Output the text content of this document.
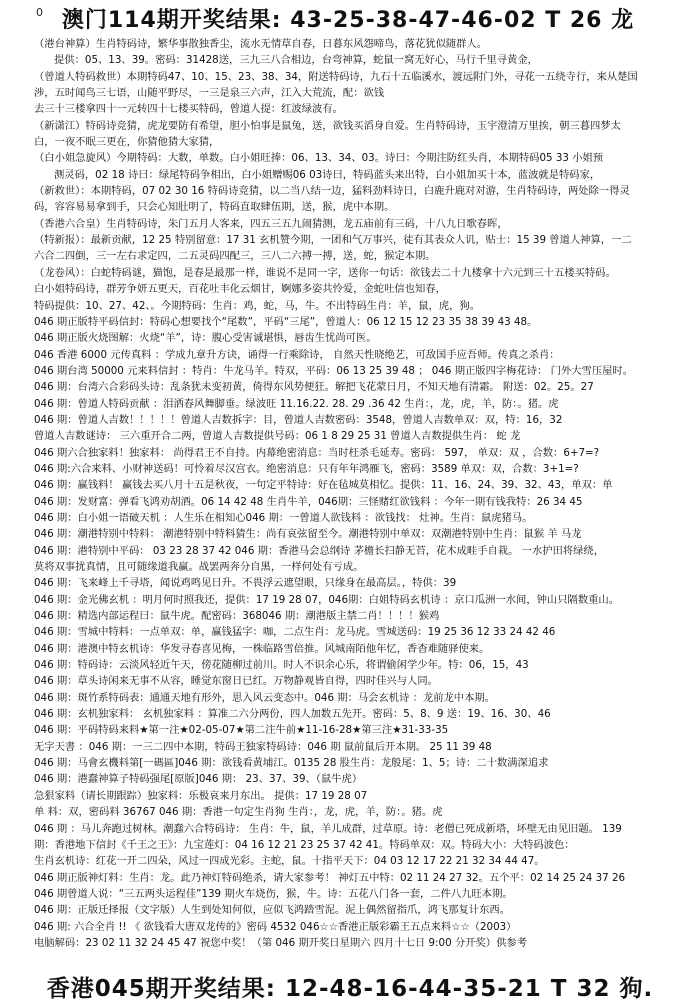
0 澳门114期开奖结果: 43-25-38-47-46-02 T 26 龙
（港台神算）生肖特码诗，繁华事散独香尘，流水无情草自春，日暮东风怨啼鸟，落花犹似随群人。
提供：05、13、39。密码：31428送，三九三八合相边，台弯神算，蛇鼠一窝无好心，马行千里寻黄金，
（曾道人特码救世）本期特码47、10、15、23、38、34，附送特码诗，九石十五临溪水，渡远附门外，寻花一五绕寺行，来从楚国
涉，五时闻鸟三七语，山随平野尽，一三是泉三六声，江入大荒流，配：欲钱
去三十三楼拿四十一元转四十七楼买特码，曾道人提：红波绿波有。
（新潇江）特码诗竞猜，虎龙要防有希望，胆小怕事是鼠兔，送，欲钱买滔身自爱。生肖特码诗，玉宇澄清万里挨，朝三暮四梦太
白，一夜不眠三更在，你猜他猜大家猜，
（白小姐急旋风）今期特码：大数，单数。白小姐旺捧：06、13、34、03。诗曰：今期注防红头肖，本期特码05 33 小姐预
测灵码，02 18 诗曰：绿尾特码争相出，白小姐赠赐06 03诗曰，特码蓝头来出特，白小姐加买十本，蓝波就是特码家，
（新救世）：本期特码，07 02 30 16 特码诗竞猜，以二当八结一边，猛料劲料诗日，白鹿升鹿对对游，生肖特码诗，两处除一得灵
码，容容易易拿到手，只会心知肚明了，特码直取肆伍期，送，猴，虎中本期。
（香港六合皇）生肖特码诗，朱门五月人客来，四五三五九闹猜测，龙五庙前有三码，十八九日歌春晖，
（特新报）：最新贡献，12 25 特别留意：17 31 玄机赞今期，一团和气万事兴，徒有其表众人讥，贴士：15 39 曾道人神算，一二
六合二四倒，三一左右求定四，二五灵码四配三，三八二六搏一搏，送，蛇，猴定本期。
（龙卷风）：白蛇特码谜，猫饱，是春是最那一样，谁说不是同一字，送你一句话：欲钱去二十九楼拿十六元到三十五楼买特码。
白小姐特码诗，群芳争妍五更天，百花吐丰化云烟甘，婀娜多姿共怜爱，金蛇吐信也知春，
特码提供：10、27、42、。今期特码：生肖：鸡，蛇，马，牛。不出特码生肖：羊，鼠，虎，狗。
046 期正版特平码信封：特码心想要找个“尾数”，平码“三尾”，曾道人：06 12 15 12 23 35 38 39 43 48。
046 期正版火烧图解：火烧“羊”，诗：腹心受害诚堪惧，唇齿生忧尚可医。
046 香港 6000 元传真料 ：学成九章升方诀，诵得一行乘除诗， 自然天性晓绝艺，可敌国手应吾师。传真之杀肖：
046 期台湾 50000 元来料信封 ：特肖：牛龙马羊。特双，平码：06 13 25 39 48 ； 046 期正版四字梅花诗： 门外大雪压屋时。
046 期：台湾六合彩码头诗：乱条犹未变初黄，倚得东风势便狂。解把飞花蒙日月，不知天地有清霜。 附送：02。25。27
046 期：曾道人特码贡献 ：泪洒春风舞脚垂。绿波旺 11.16.22. 28. 29 .36 42 生肖：，龙，虎，羊，防：。猪。虎
046 期：曾道人吉数！！！！！曾道人吉数拆字：目，曾道人吉数密码：3548，曾道人吉数单双：双，特：16，32
曾道人吉数谜诗： 三六重开合二两，曾道人吉数提供号码：06 1 8 29 25 31 曾道人吉数提供生肖： 蛇 龙
046 期六合独家料！独家料： 尚得君王不自持。内幕绝密消息：当时枉杀毛延寿。密码： 597， 单双：双 ，合数：6+7=?
046 期:六合来料、小财神送码！可怜着尽汉宫衣。绝密消息：只有年年鸿雁飞，密码：3589 单双：双，合数：3+1=?
046 期：赢钱料！ 赢钱去买八月十五是秋夜，一句定平特诗：好在毡城莫相忆。提供：11、16、24、39、32、43，单双：单
046 期：发财富：弹看飞鸿劝胡酒。06 14 42 48 生肖牛羊，046期：三怪赌红欲钱料 ：今年一期有钱我特：26 34 45
046 期：白小姐一语破天机 ：人生乐在相知心046 期：一曾道人欲钱料 ：欲钱找： 灶神。生肖：鼠虎猪马。
046 期：潮港特别中特料： 潮港特别中特料猜生：尚有哀弦留至今。潮港特别中单双：双潮港特别中生肖：鼠猴 羊 马龙
046 期：港特别中平码： 03 23 28 37 42 046 期：香港马会总纲诗 茅檐长扫静无苔，花木成畦手自栽。 一水护田将绿绕，
莫将双事扰真情，且可随缘道我赢。战罢两奔分自黑，一样何处有亏成。
046 期：飞来峰上千寻塔，闻说鸡鸣见日升。不畏浮云遮望眼，只缘身在最高层。，特供：39
046 期：金光佛玄机 ：明月何时照我还，提供：17 19 28 07，046期：白姐特码玄机诗 ：京口瓜洲一水间，钟山只隔数重山。
046 期：精选内部运程曰：鼠牛虎。配密码：368046 期：潮港版主禁二肖！！！！猴鸡
046 期：雪城中特料：一点单双：单，赢钱猛字：咖，二点生肖：龙马虎。雪城送码：19 25 36 12 33 24 42 46
046 期：港澳中特玄机诗：华发寻春喜见梅，一株临路雪倍推。风城南陌他年忆，香杳难随驿使来。
046 期：特码诗：云淡风轻近午天，傍花随柳过前川。时人不识余心乐，将谓偷闲学少年。特：06，15，43
046 期：草头诗闲来无事不从容，睡觉东窗日已红。万物静观皆自得，四时佳兴与人同。
046 期：斑竹系特码表：通通天地有形外，思入风云变态中。046 期：马会玄机诗 ：龙前龙中本期。
046 期：玄机独家料： 玄机独家料 ：算准二六分两份，四人加数五先开。密码：5、8、9 送：19、16、30、46
046 期：平码特码来料★第一注★02-05-07★第二注牛前★11-16-28★第三注★31-33-35
无字天書 ：046 期：一三二四中本期，特码王独家特码诗：046 期 鼠前鼠后开本期。 25 11 39 48
046 期：马會玄機料第[一碼區]046 期：欲钱看黄埔江。0135 28 股生肖：龙般尾：1、5；诗：二十数满深追求
046 期：港蠢神算子特码强尾[原版]046 期： 23、37、39、（鼠牛虎）
急狠家料（请长期跟踪）独家料：乐极哀来月东出。 提供：17 19 28 07
单 料：双，密码料 36767 046 期：香港一句定生肖狗 生肖：，龙，虎，羊，防：。猪。虎
046 期 ：马儿奔跑过树林。潮蠢六合特码诗： 生肖：牛，鼠，羊儿成群，过草原。诗：老僧已死成新塔，坏壁无由见旧题。 139
期：香港地下信封《千王之王》：九宝莲灯：04 16 12 21 23 25 37 42 41。特码单双：双。特码大小：大特码波色：
生肖玄机诗：红花一开二四朵，风过一四成光彩。主蛇，鼠。十指平天下：04 03 12 17 22 21 32 34 44 47。
046 期正版神灯料：生肖：龙。此乃神灯特码绝杀，请大家参考！ 神灯五中特：02 11 24 27 32。五个平：02 14 25 24 37 26
046 期曾道人说：“三五两头运程佳”139 期火车烧伤，猴，牛。诗：五花八门各一套，二件八九旺本期。
046 期：正版迁择报（文字版）人生到处知何似，应似飞鸿踏雪泥。泥上偶然留指爪，鸿飞那复计东西。
046 期: 六合全肖 !! 《 欲钱看大唐双龙传的》密码 4532 046☆☆香港正版彩霸王五点来料☆☆（2003）
电脑解码：23 02 11 32 24 45 47 祝您中奖！（第 046 期开奖日星期六 四月十七日 9:00 分开奖）供参考
香港045期开奖结果: 12-48-16-44-35-21 T 32 狗.
